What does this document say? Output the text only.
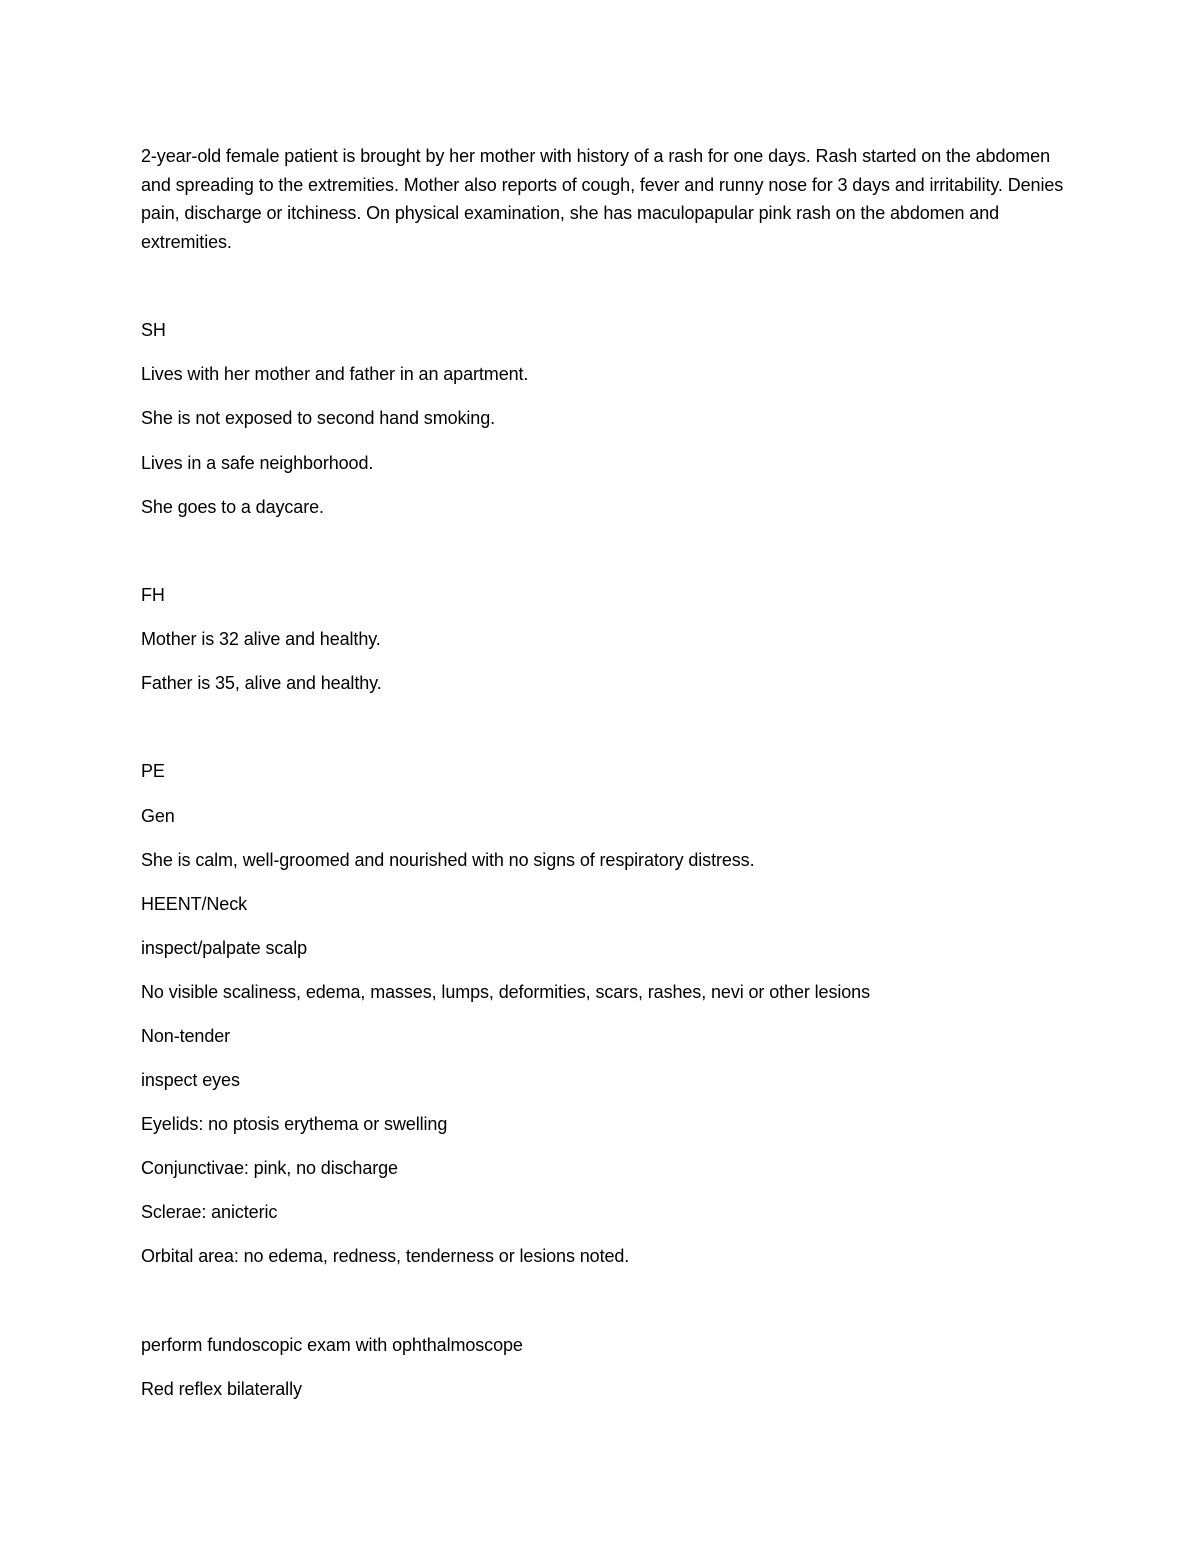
2-year-old female patient is brought by her mother with history of a rash for one days. Rash started on the abdomen and spreading to the extremities. Mother also reports of cough, fever and runny nose for 3 days and irritability. Denies pain, discharge or itchiness. On physical examination, she has maculopapular pink rash on the abdomen and extremities.

SH

Lives with her mother and father in an apartment.

She is not exposed to second hand smoking.

Lives in a safe neighborhood.

She goes to a daycare.

FH

Mother is 32 alive and healthy.

Father is 35, alive and healthy.

PE

Gen

She is calm, well-groomed and nourished with no signs of respiratory distress.

HEENT/Neck

inspect/palpate scalp

No visible scaliness, edema, masses, lumps, deformities, scars, rashes, nevi or other lesions

Non-tender

inspect eyes

Eyelids: no ptosis erythema or swelling

Conjunctivae: pink, no discharge

Sclerae: anicteric

Orbital area: no edema, redness, tenderness or lesions noted.

perform fundoscopic exam with ophthalmoscope

Red reflex bilaterally
